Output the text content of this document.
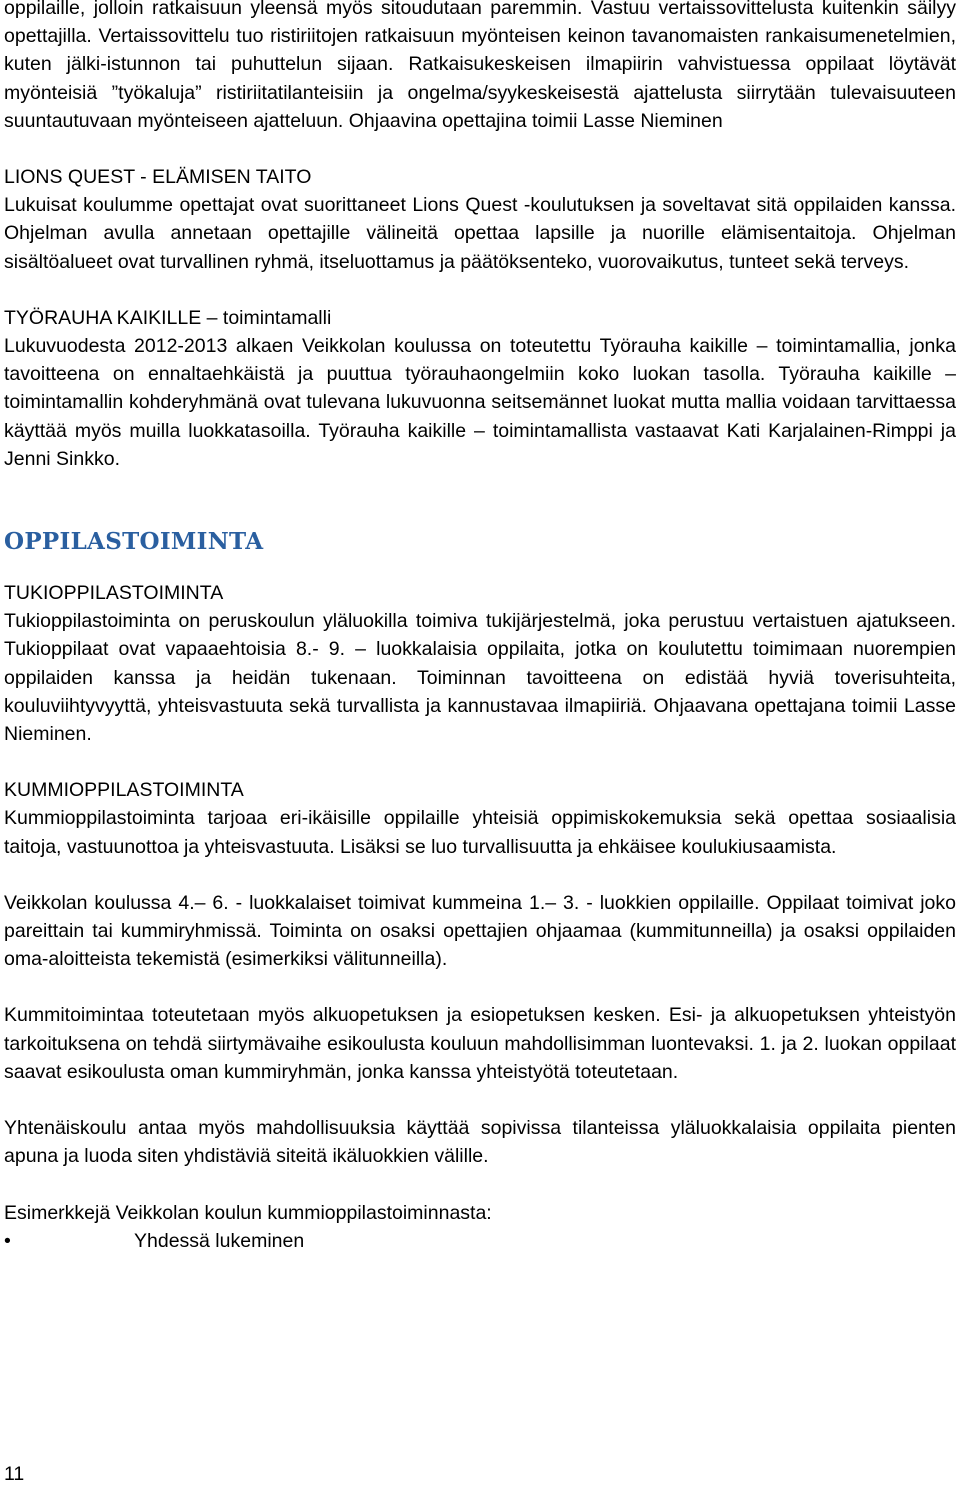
oppilaille, jolloin ratkaisuun yleensä myös sitoudutaan paremmin. Vastuu vertaissovittelusta kuitenkin säilyy opettajilla. Vertaissovittelu tuo ristiriitojen ratkaisuun myönteisen keinon tavanomaisten rankaisumenetelmien, kuten jälki-istunnon tai puhuttelun sijaan. Ratkaisukeskeisen ilmapiirin vahvistuessa oppilaat löytävät myönteisiä ”työkaluja” ristiriitatilanteisiin ja ongelma/syykeskeisestä ajattelusta siirrytään tulevaisuuteen suuntautuvaan myönteiseen ajatteluun. Ohjaavina opettajina toimii Lasse Nieminen

LIONS QUEST - ELÄMISEN TAITO

Lukuisat koulumme opettajat ovat suorittaneet Lions Quest -koulutuksen ja soveltavat sitä oppilaiden kanssa. Ohjelman avulla annetaan opettajille välineitä opettaa lapsille ja nuorille elämisentaitoja. Ohjelman sisältöalueet ovat turvallinen ryhmä, itseluottamus ja päätöksenteko, vuorovaikutus, tunteet sekä terveys.

TYÖRAUHA KAIKILLE – toimintamalli

Lukuvuodesta 2012-2013 alkaen Veikkolan koulussa on toteutettu Työrauha kaikille – toimintamallia, jonka tavoitteena on ennaltaehkäistä ja puuttua työrauhaongelmiin koko luokan tasolla. Työrauha kaikille – toimintamallin kohderyhmänä ovat tulevana lukuvuonna seitsemännet luokat mutta mallia voidaan tarvittaessa käyttää myös muilla luokkatasoilla. Työrauha kaikille – toimintamallista vastaavat Kati Karjalainen-Rimppi ja Jenni Sinkko.

OPPILASTOIMINTA

TUKIOPPILASTOIMINTA

Tukioppilastoiminta on peruskoulun yläluokilla toimiva tukijärjestelmä, joka perustuu vertaistuen ajatukseen. Tukioppilaat ovat vapaaehtoisia 8.- 9. – luokkalaisia oppilaita, jotka on koulutettu toimimaan nuorempien oppilaiden kanssa ja heidän tukenaan. Toiminnan tavoitteena on edistää hyviä toverisuhteita, kouluviihtyvyyttä, yhteisvastuuta sekä turvallista ja kannustavaa ilmapiiriä. Ohjaavana opettajana toimii Lasse Nieminen.

KUMMIOPPILASTOIMINTA

Kummioppilastoiminta tarjoaa eri-ikäisille oppilaille yhteisiä oppimiskokemuksia sekä opettaa sosiaalisia taitoja, vastuunottoa ja yhteisvastuuta. Lisäksi se luo turvallisuutta ja ehkäisee koulukiusaamista.

Veikkolan koulussa 4.– 6. - luokkalaiset toimivat kummeina 1.– 3. - luokkien oppilaille. Oppilaat toimivat joko pareittain tai kummiryhmissä. Toiminta on osaksi opettajien ohjaamaa (kummitunneilla) ja osaksi oppilaiden oma-aloitteista tekemistä (esimerkiksi välitunneilla).

Kummitoimintaa toteutetaan myös alkuopetuksen ja esiopetuksen kesken. Esi- ja alkuopetuksen yhteistyön tarkoituksena on tehdä siirtymävaihe esikoulusta kouluun mahdollisimman luontevaksi. 1. ja 2. luokan oppilaat saavat esikoulusta oman kummiryhmän, jonka kanssa yhteistyötä toteutetaan.

Yhtenäiskoulu antaa myös mahdollisuuksia käyttää sopivissa tilanteissa yläluokkalaisia oppilaita pienten apuna ja luoda siten yhdistäviä siteitä ikäluokkien välille.

Esimerkkejä Veikkolan koulun kummioppilastoiminnasta:

•	Yhdessä lukeminen
11
